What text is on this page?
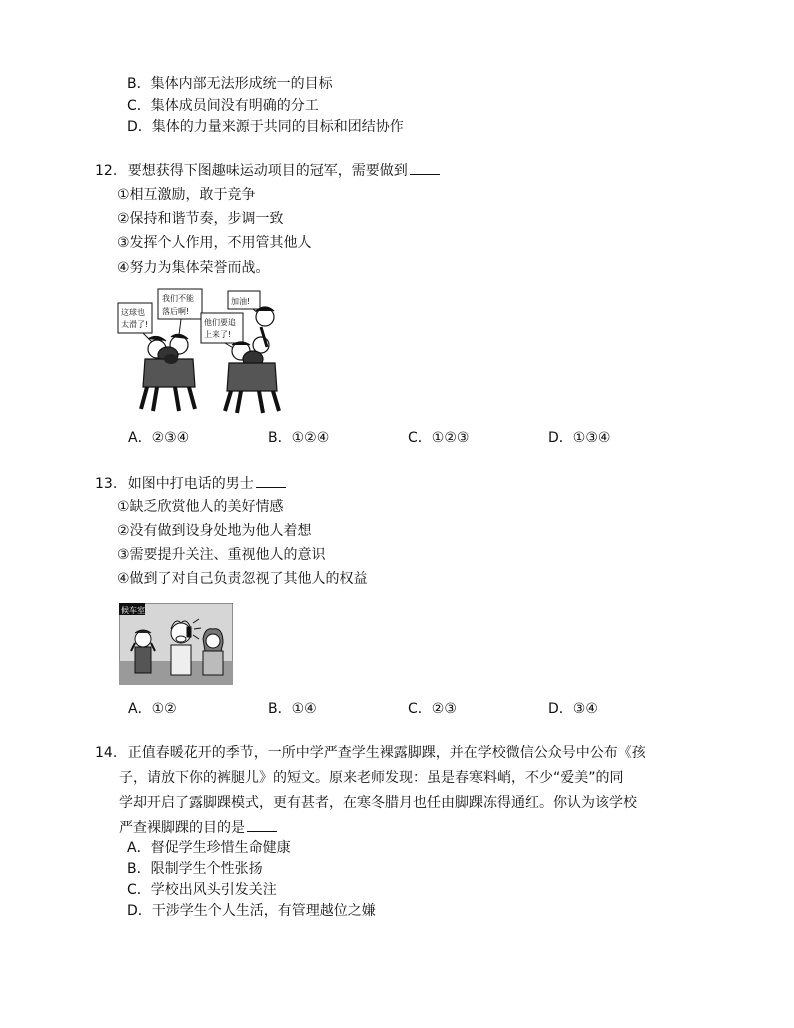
B．集体内部无法形成统一的目标
C．集体成员间没有明确的分工
D．集体的力量来源于共同的目标和团结协作
12. 要想获得下图趣味运动项目的冠军，需要做到
①相互激励，敢于竞争
②保持和谐节奏，步调一致
③发挥个人作用，不用管其他人
④努力为集体荣誉而战。
这球也
太滑了!
我们不能
落后啊!
加油!
他们要追
上来了!
A．②③④	B．①②④	C．①②③	D．①③④
13. 如图中打电话的男士
①缺乏欣赏他人的美好情感
②没有做到设身处地为他人着想
③需要提升关注、重视他人的意识
④做到了对自己负责忽视了其他人的权益
候车室
A．①②	B．①④	C．②③	D．③④
14. 正值春暖花开的季节，一所中学严查学生裸露脚踝，并在学校微信公众号中公布《孩
子，请放下你的裤腿儿》的短文。原来老师发现：虽是春寒料峭，不少“爱美”的同
学却开启了露脚踝模式，更有甚者，在寒冬腊月也任由脚踝冻得通红。你认为该学校
严查裸脚踝的目的是
A．督促学生珍惜生命健康
B．限制学生个性张扬
C．学校出风头引发关注
D．干涉学生个人生活，有管理越位之嫌
